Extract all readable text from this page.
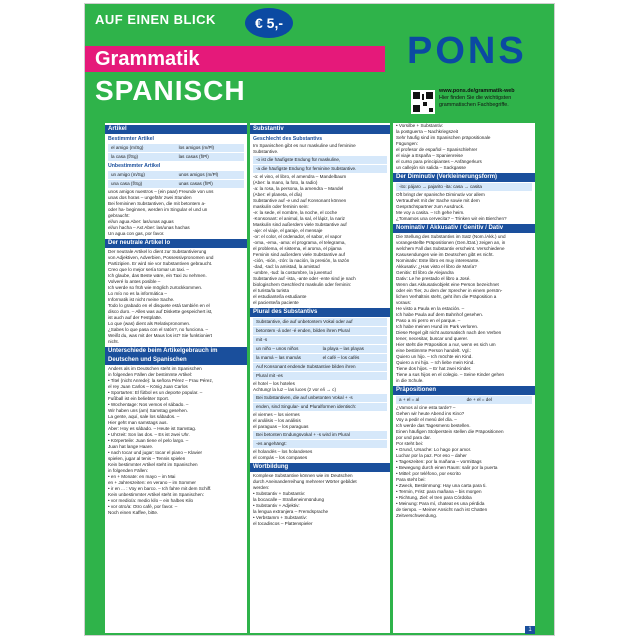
AUF EINEN BLICK	€ 5,-
PONS
Grammatik
SPANISCH	www.pons.de/grammatik-web
Hier finden Sie die wichtigsten grammatischen Fachbegriffe.
Artikel
Bestimmter Artikel
el amigo (m/Sg)	los amigos (m/Pl)
la casa (f/Sg)	las casas (f/Pl)
Unbestimmter Artikel
un amigo (m/Sg)	unos amigos (m/Pl)
una casa (f/Sg)	unas casas (f/Pl)
unos amigos nuestros – (ein paar) Freunde von uns
unas dos horas – ungefähr zwei Stunden
Bei femininen Substantiven, die mit betontem a-
oder ha- beginnen, werden im Singular el und un
gebraucht:
el/un agua Aber: las/unas aguas
el/un hacha – Axt Aber: las/unas hachas
Un agua con gas, por favor.
Der neutrale Artikel lo
Der neutrale Artikel lo dient zur Substantivierung
von Adjektiven, Adverbien, Possessivpronomen und
Partizipien. Er wird nie vor Substantiven gebraucht.
Creo que lo mejor sería tomar un taxi. –
Ich glaube, das Beste wäre, ein Taxi zu nehmen.
Volveré lo antes posible –
Ich werde so früh wie möglich zurückkommen.
Lo mío no es la informática –
Informatik ist nicht meine Sache.
Todo lo grabado en el disquete está también en el
disco duro. – Alles was auf Diskette gespeichert ist,
ist auch auf der Festplatte.
Lo que (was) dient als Relativpronomen.
¿Sabes lo que pasa con el ratón?, no funciona. –
Weißt du, was mit der Maus los ist? Sie funktioniert
nicht.
Unterschiede beim Artikelgebrauch im Deutschen und Spanischen
Anders als im Deutschen steht im Spanischen
in folgenden Fällen der bestimmte Artikel:
• Titel (nicht Anrede): la señora Pérez – Frau Pérez,
el rey Juan Carlos – König Juan Carlos
• Sportarten: El fútbol es un deporte popular. –
Fußball ist ein beliebter Sport.
• Wochentage: Nos vemos el sábado. –
Wir haben uns (am) Samstag gesehen.
La gente, aquí, sale los sábados. –
Hier geht man samstags aus.
Aber: Hoy es sábado. – Heute ist Samstag.
• Uhrzeit: Son las dos. – Es ist zwei Uhr.
• Körperteile: Juan tiene el pelo largo. –
Juan hat lange Haare.
• nach tocar und jugar: tocar el piano – Klavier
spielen, jugar al tenis – Tennis spielen
Kein bestimmter Artikel steht im Spanischen
in folgenden Fällen:
• en + Monate: en mayo – im Mai
en + Jahreszeiten: en verano – im Sommer
• ir en ... : Voy en barco. – Ich fahre mit dem Schiff.
Kein unbestimmter Artikel steht im Spanischen:
• vor medio/a: medio kilo – ein halbes Kilo
• vor otro/a: Otro café, por favor. –
Noch einen Kaffee, bitte.
Substantiv
Geschlecht des Substantivs
Im Spanischen gibt es nur maskuline und feminine
Substantive.
-o ist die häufigste Endung für maskuline,
-a die häufigste Endung für feminine Substantive.
-o: el vino, el libro, el amendra – Mandelbaum
(Aber: la mano, la foto, la radio)
-a: la rosa, la persona, la amendra – Mandel
(Aber: el planeta, el día)
Substantive auf -e und auf Konsonant können
maskulin oder feminin sein:
-e: la sede, el nombre, la noche, el coche
-Konsonant: el animal, la sal, el lápiz, la nariz
Maskulin sind außerdem viele Substantive auf
-aje: el viaje, el garaje, el mensaje
-or: el color, el ordenador, el sabor, el vapor
-oma, -ema, -ama: el programa, el telegrama,
el problema, el sistema, el aroma, el pijama
Feminin sind außerdem viele Substantive auf
-ción, -sión, -zón: la nación, la presión, la razón
-dad, -tad: la amistad, la amistad
-umbre, -tud: la costumbre, la juventud
Substantive auf -ista, -ante oder -ente sind je nach
biologischem Geschlecht maskulin oder feminin:
el turista/la turista
el estudiante/la estudiante
el paciente/la paciente
Plural des Substantivs
Substantive, die auf unbetontem Vokal oder auf
betontem -á oder -é enden, bilden ihren Plural
mit -s
un niño – unos niños	la playa – las playas
la mamá – las mamás	el café – los cafés
Auf Konsonant endende Substantive bilden ihren
Plural mit -es
el hotel – los hoteles
Achtung! la luz – las luces (z vor e/i → c)
Bei Substantiven, die auf unbetonten Vokal + -s
enden, sind Singular- und Pluralformen identisch:
el viernes – los viernes
el análisis – los análisis
el paraguas – los paraguas
Bei betonten Endungsvokal + -s wird im Plural
-es angehängt:
el holandés – los holandeses
el compás – los compases
Wortbildung
Komplexe Substantive können wie im Deutschen
durch Aneinanderreihung mehrerer Wörter gebildet
werden:
• Substantiv + Substantiv:
la bocacalle – Straßeneinmündung
• Substantiv + Adjektiv:
la lengua extranjera – Fremdsprache
• Verbstamm + Substantiv:
el tocadiscos – Plattenspieler
• Vorsilbe + Substantiv:
la postguerra – Nachkriegszeit
Sehr häufig sind im Spanischen präpositionale
Fügungen:
el profesor de español – Spanischlehrer
el viaje a España – Spanienreise
el curso para principiantes – Anfängerkurs
un callejón sin salida – Sackgasse
Der Diminutiv (Verkleinerungsform)
-ito: pájaro → pajarito -ita: casa → casita
Oft bringt der spanische Diminutiv vor allem
Vertrautheit mit der Sache sowie mit dem
Gesprächspartner zum Ausdruck.
Me voy a casita. – Ich gehe heim.
¿Tomamos una cervecita? – Trinken wir ein Bierchen?
Nominativ / Akkusativ / Genitiv / Dativ
Die Stellung des Substantivs im Satz (Nom./Akk.) und
vorangestellte Präpositionen (Gen./Dat.) zeigen an, in
welchem Fall das Substantiv erscheint. Verschiedene
Kasusendungen wie im Deutschen gibt es nicht.
Nominativ: Este libro es muy interesante.
Akkusativ: ¿Has visto el libro de María?
Genitiv: El libro de Alejandra
Dativ: Le he prestado el libro a José.
Wenn das Akkusativobjekt eine Person bezeichnet
oder ein Tier, zu dem der Sprecher in einem persön-
lichen Verhältnis steht, geht ihm die Präposition a
voraus:
He visto a Paula en la estación. –
Ich habe Paula auf dem Bahnhof gesehen.
Paso a mi perro en el parque. –
Ich habe meinen Hund im Park verloren.
Diese Regel gilt nicht automatisch nach den Verben
tener, necesitar, buscar und querer.
Hier steht die Präposition a nur, wenn es sich um
eine bestimmte Person handelt. Vgl.:
Quiero un hijo. – Ich möchte ein Kind.
Quiero a mi hijo. – Ich liebe mein Kind.
Tiene dos hijos. – Er hat zwei Kinder.
Tiene a sus hijos en el colegio. – Seine Kinder gehen
in die Schule.
Präpositionen
a + el = al	de + el = del
¿Vamos al cine esta tarde? –
Gehen wir heute Abend ins Kino?
Voy a pedir el menú del día. –
Ich werde das Tagesmenü bestellen.
Einen häufigen Stolperstein stellen die Präpositionen
por und para dar.
Por steht bei:
• Grund, Ursache: Lo hago por amor.
Luchar por la paz. Por eso – daher
• Tageszeiten: por la mañana – vormittags
• Bewegung durch einen Raum: salir por la puerta
• Mittel: por teléfono, por escrito
Para steht bei:
• Zweck, Bestimmung: Hay una carta para ti.
• Termin, Frist: para mañana – bis morgen
• Richtung, Ziel: el tren para Córdoba
• Meinung: Para mí, chateat es una pérdida
de tiempo. – Meiner Ansicht nach ist Chatten
Zeitverschwendung.
1
